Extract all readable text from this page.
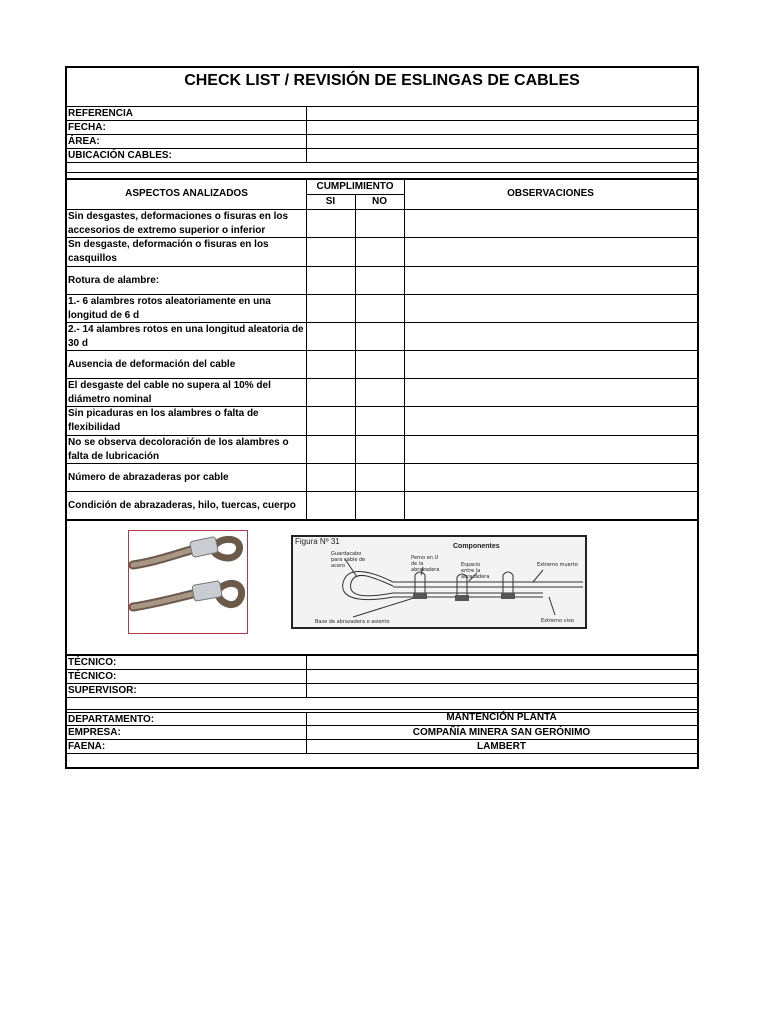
CHECK LIST / REVISIÓN DE ESLINGAS DE CABLES
REFERENCIA
FECHA:
ÁREA:
UBICACIÓN CABLES:
ASPECTOS ANALIZADOS
CUMPLIMIENTO
SI	NO
OBSERVACIONES
Sin desgastes, deformaciones o fisuras en los accesorios de extremo superior o inferior
Sn desgaste, deformación o fisuras en los casquillos
Rotura de alambre:
1.- 6 alambres rotos aleatoriamente en una longitud de 6 d
2.- 14 alambres rotos en una longitud aleatoria de 30 d
Ausencia de deformación del cable
El desgaste del cable no supera al 10% del diámetro nominal
Sin picaduras en los alambres o falta de flexibilidad
No se observa decoloración de los alambres o falta de lubricación
Número de abrazaderas por cable
Condición de abrazaderas, hilo, tuercas, cuerpo
Figura Nº 31
Componentes
Guardacabo para cable de acero
Perno en U de la abrazadera
Espacio entre la abrazadera
Extremo muerto
Base de abrazadera o asiento	Extremo vivo
TÉCNICO:
TÉCNICO:
SUPERVISOR:
DEPARTAMENTO:
EMPRESA:
FAENA:
MANTENCIÓN PLANTA
COMPAÑÍA MINERA SAN GERÓNIMO
LAMBERT
